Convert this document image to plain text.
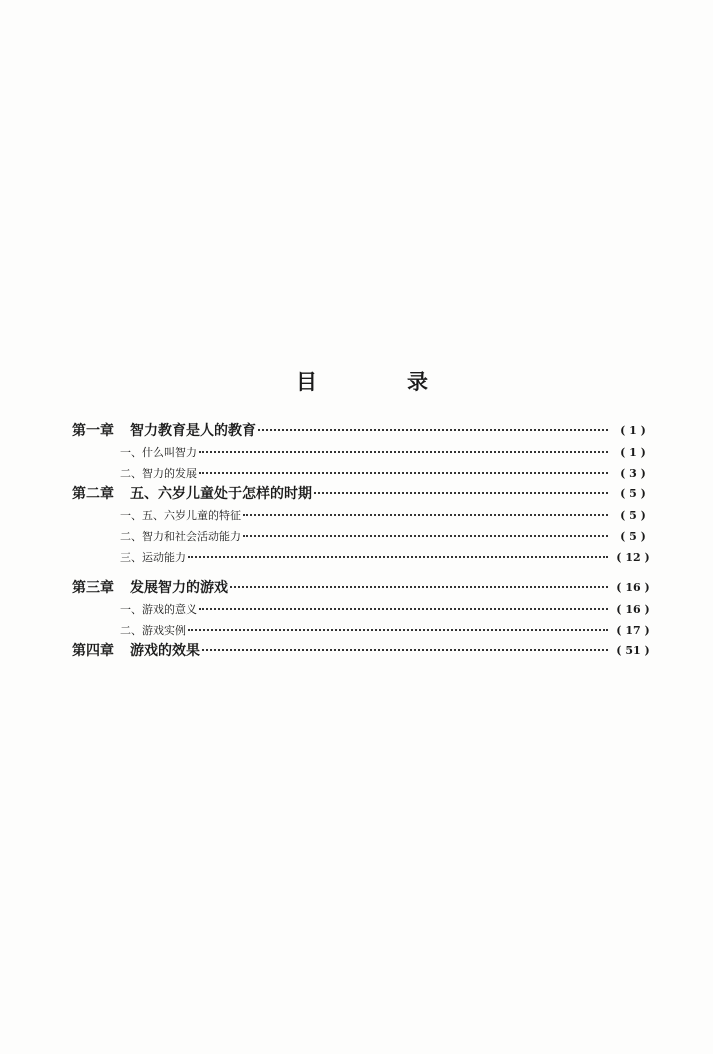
目	录
第一章	智力教育是人的教育	( 1 )
一、什么叫智力	( 1 )
二、智力的发展	( 3 )
第二章	五、六岁儿童处于怎样的时期	( 5 )
一、五、六岁儿童的特征	( 5 )
二、智力和社会活动能力	( 5 )
三、运动能力	( 12 )
第三章	发展智力的游戏	( 16 )
一、游戏的意义	( 16 )
二、游戏实例	( 17 )
第四章	游戏的效果	( 51 )
